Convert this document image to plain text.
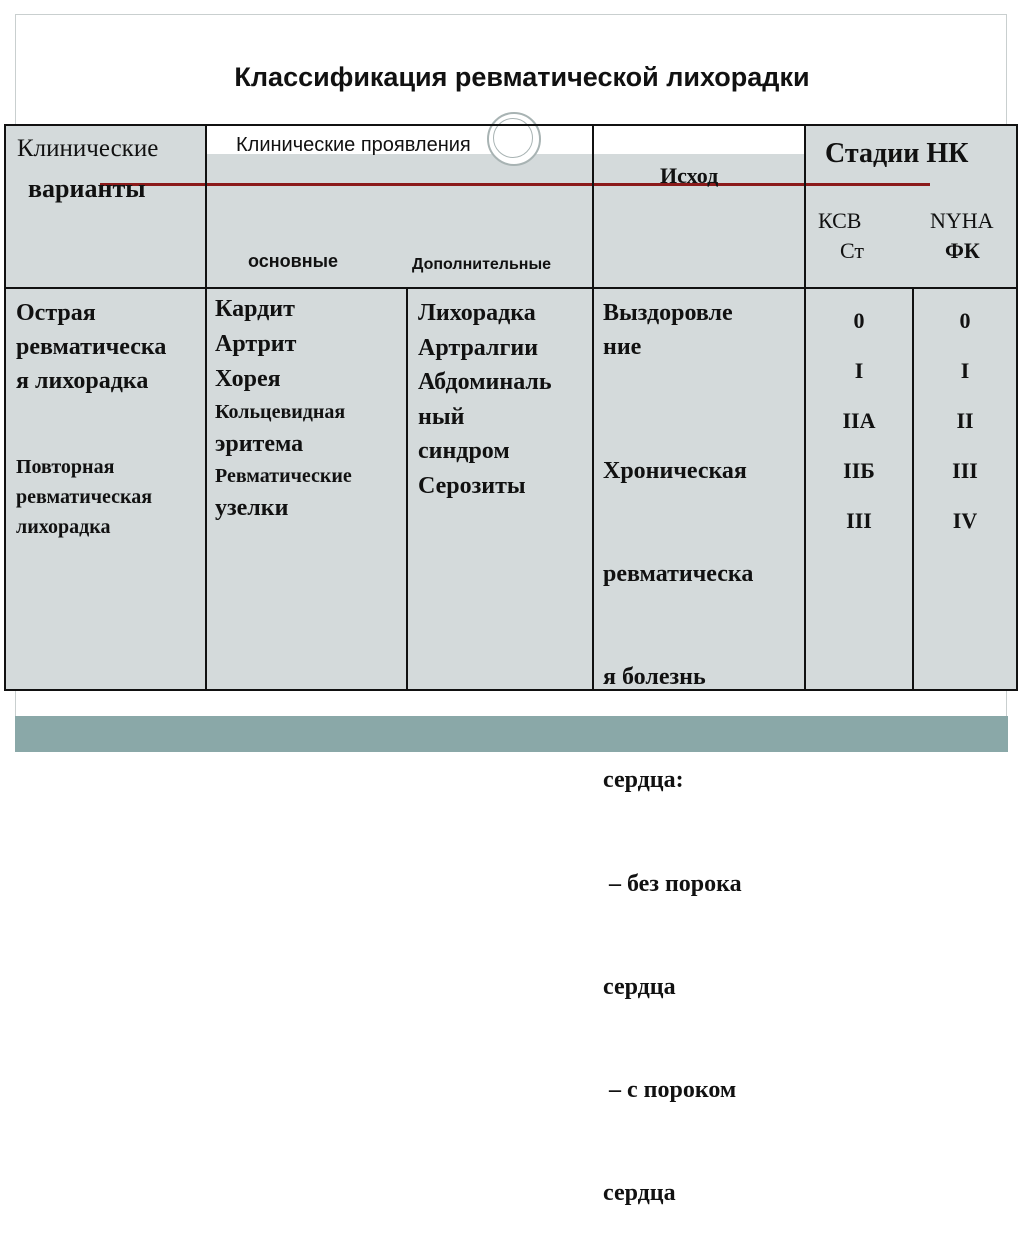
Классификация ревматической лихорадки
Клинические
варианты
Клинические проявления
основные	Дополнительные
Исход
Стадии НК
КСВ
Ст
NYHA
ФК
Острая
ревматическа
я лихорадка
Повторная
ревматическая
лихорадка
Кардит
Артрит
Хорея
Кольцевидная
эритема
Ревматические
узелки
Лихорадка
Артралгии
Абдоминаль
ный
синдром
Серозиты
Выздоровле
ние

Хроническая

ревматическа

я болезнь

сердца:

– без порока

сердца

– с пороком

сердца

0
I
IIA
IIБ
III
0
I
II
III
IV
